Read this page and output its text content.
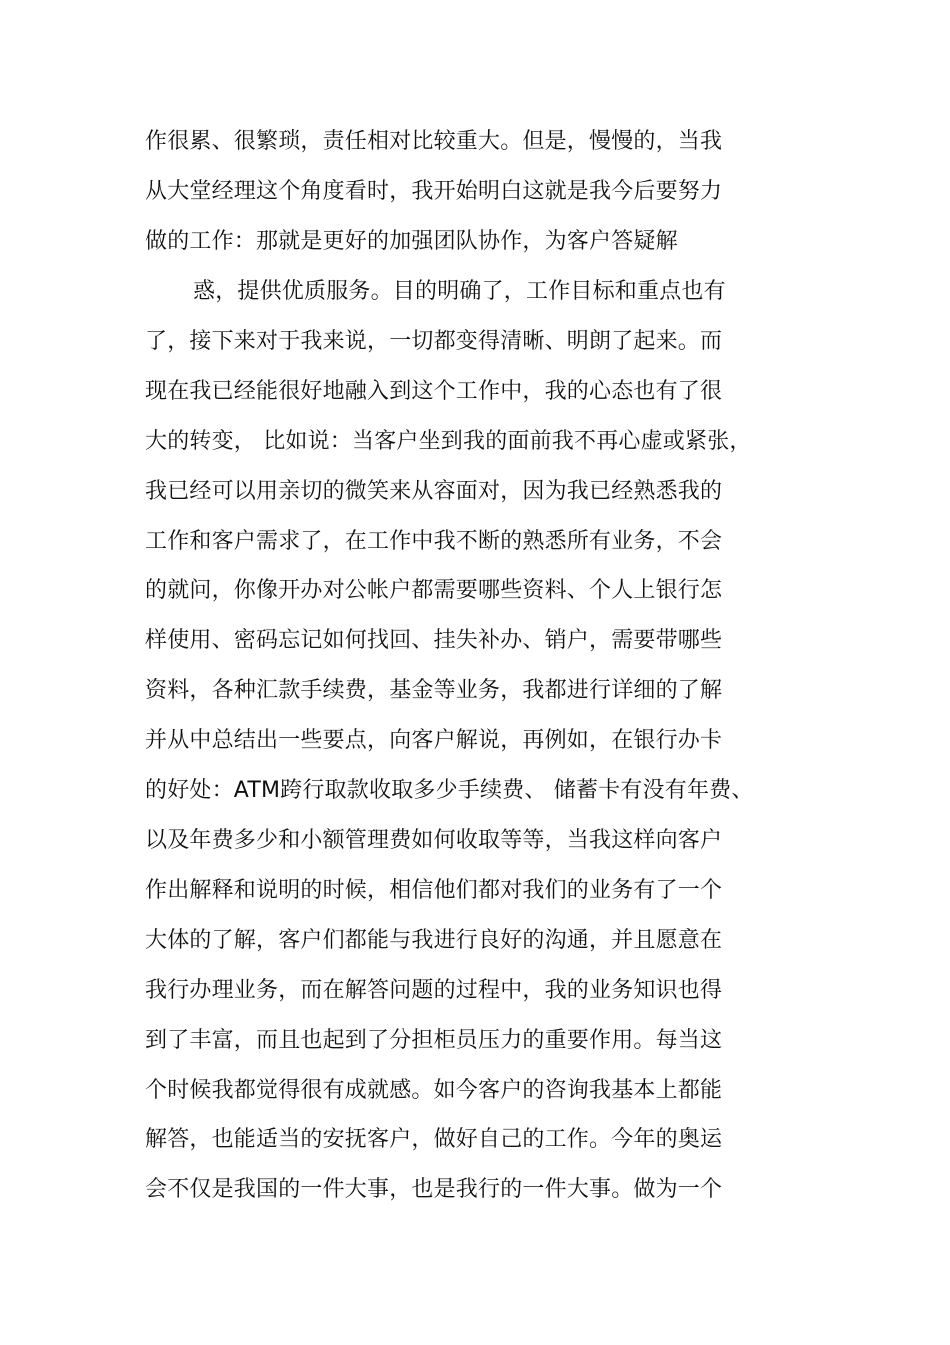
作很累、很繁琐，责任相对比较重大。但是，慢慢的，当我
从大堂经理这个角度看时，我开始明白这就是我今后要努力
做的工作：那就是更好的加强团队协作，为客户答疑解
惑，提供优质服务。目的明确了，工作目标和重点也有
了，接下来对于我来说，一切都变得清晰、明朗了起来。而
现在我已经能很好地融入到这个工作中，我的心态也有了很
大的转变， 比如说：当客户坐到我的面前我不再心虚或紧张，
我已经可以用亲切的微笑来从容面对，因为我已经熟悉我的
工作和客户需求了，在工作中我不断的熟悉所有业务，不会
的就问，你像开办对公帐户都需要哪些资料、个人上银行怎
样使用、密码忘记如何找回、挂失补办、销户，需要带哪些
资料，各种汇款手续费，基金等业务，我都进行详细的了解
并从中总结出一些要点，向客户解说，再例如，在银行办卡
的好处：ATM跨行取款收取多少手续费、 储蓄卡有没有年费、
以及年费多少和小额管理费如何收取等等，当我这样向客户
作出解释和说明的时候，相信他们都对我们的业务有了一个
大体的了解，客户们都能与我进行良好的沟通，并且愿意在
我行办理业务，而在解答问题的过程中，我的业务知识也得
到了丰富，而且也起到了分担柜员压力的重要作用。每当这
个时候我都觉得很有成就感。如今客户的咨询我基本上都能
解答，也能适当的安抚客户，做好自己的工作。今年的奥运
会不仅是我国的一件大事，也是我行的一件大事。做为一个
